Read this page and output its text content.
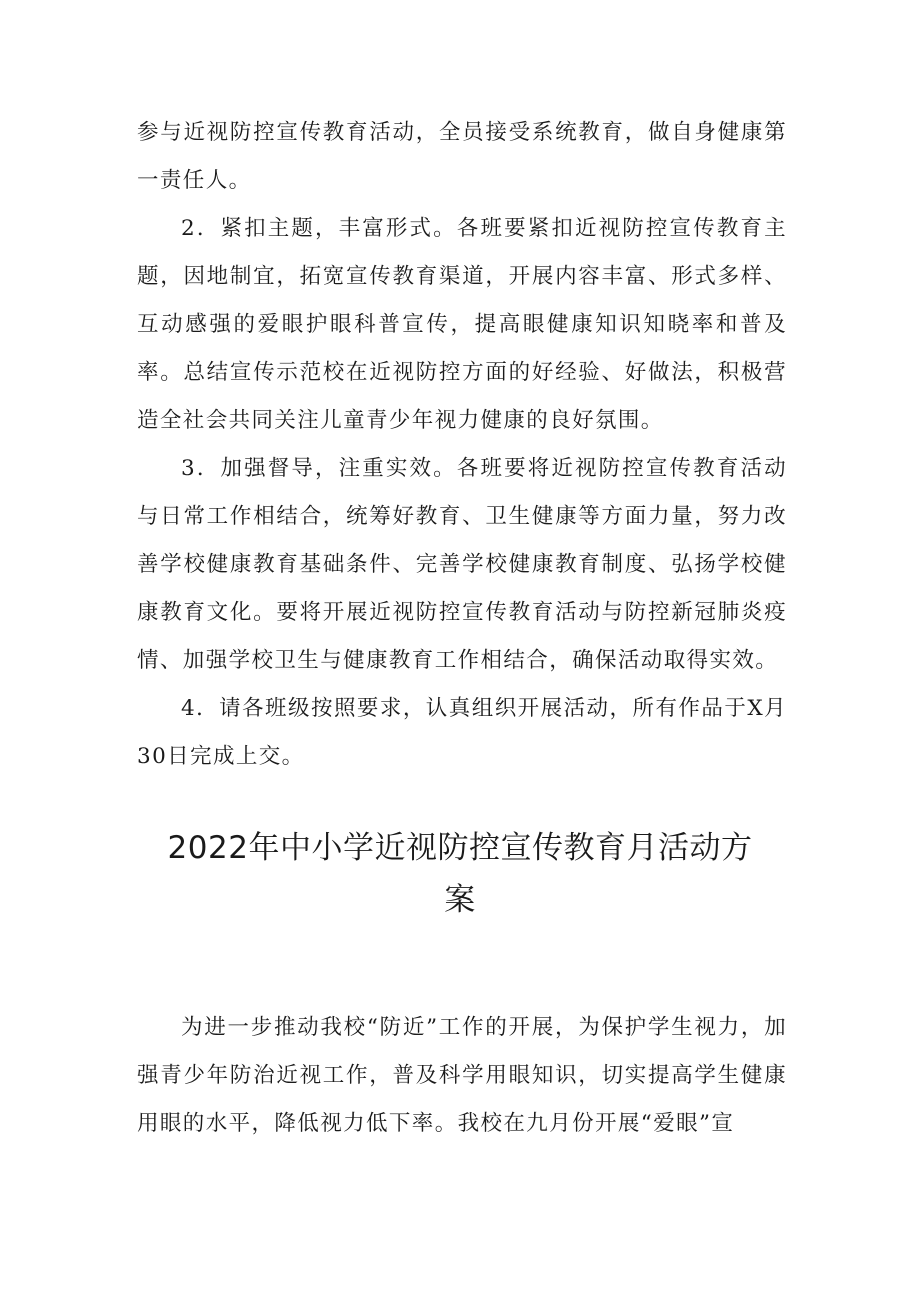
参与近视防控宣传教育活动，全员接受系统教育，做自身健康第一责任人。

2．紧扣主题，丰富形式。各班要紧扣近视防控宣传教育主题，因地制宜，拓宽宣传教育渠道，开展内容丰富、形式多样、互动感强的爱眼护眼科普宣传，提高眼健康知识知晓率和普及率。总结宣传示范校在近视防控方面的好经验、好做法，积极营造全社会共同关注儿童青少年视力健康的良好氛围。

3．加强督导，注重实效。各班要将近视防控宣传教育活动与日常工作相结合，统筹好教育、卫生健康等方面力量，努力改善学校健康教育基础条件、完善学校健康教育制度、弘扬学校健康教育文化。要将开展近视防控宣传教育活动与防控新冠肺炎疫情、加强学校卫生与健康教育工作相结合，确保活动取得实效。

4．请各班级按照要求，认真组织开展活动，所有作品于X月30日完成上交。

2022年中小学近视防控宣传教育月活动方
案

为进一步推动我校“防近”工作的开展，为保护学生视力，加强青少年防治近视工作，普及科学用眼知识，切实提高学生健康用眼的水平，降低视力低下率。我校在九月份开展“爱眼”宣
